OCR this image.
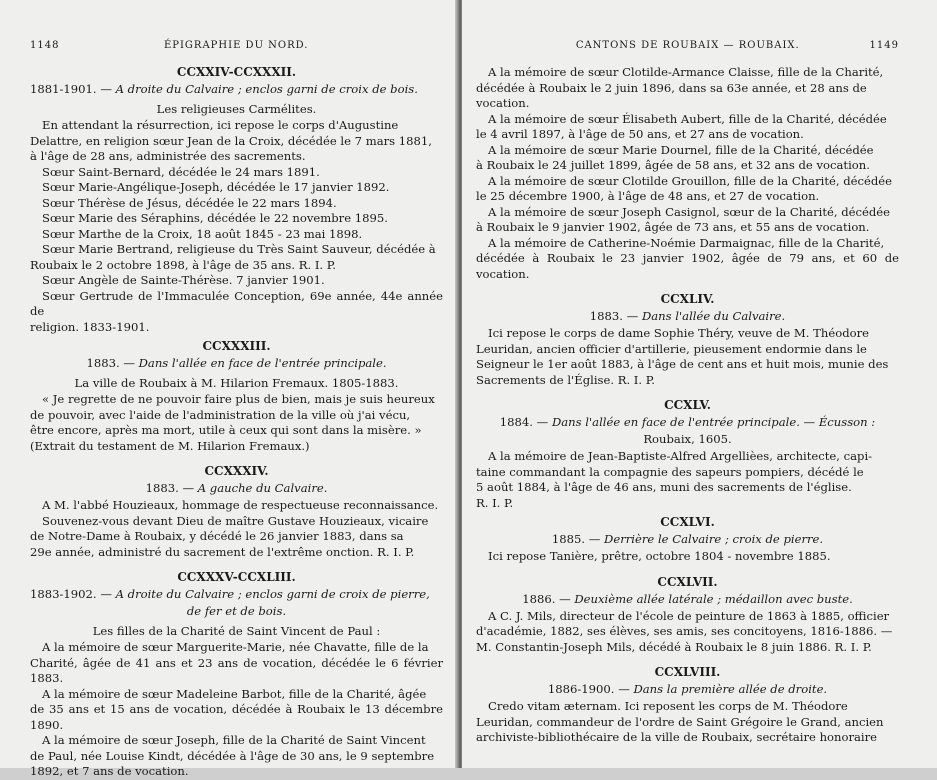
1148	ÉPIGRAPHIE DU NORD.
CCXXIV-CCXXXII.
1881-1901. — A droite du Calvaire ; enclos garni de croix de bois.
Les religieuses Carmélites.

En attendant la résurrection, ici repose le corps d'Augustine

Delattre, en religion sœur Jean de la Croix, décédée le 7 mars 1881,

à l'âge de 28 ans, administrée des sacrements.

Sœur Saint-Bernard, décédée le 24 mars 1891.

Sœur Marie-Angélique-Joseph, décédée le 17 janvier 1892.

Sœur Thérèse de Jésus, décédée le 22 mars 1894.

Sœur Marie des Séraphins, décédée le 22 novembre 1895.

Sœur Marthe de la Croix, 18 août 1845 - 23 mai 1898.

Sœur Marie Bertrand, religieuse du Très Saint Sauveur, décédée à

Roubaix le 2 octobre 1898, à l'âge de 35 ans. R. I. P.

Sœur Angèle de Sainte-Thérèse. 7 janvier 1901.

Sœur Gertrude de l'Immaculée Conception, 69e année, 44e année de

religion. 1833-1901.

CCXXXIII.
1883. — Dans l'allée en face de l'entrée principale.
La ville de Roubaix à M. Hilarion Fremaux. 1805-1883.

« Je regrette de ne pouvoir faire plus de bien, mais je suis heureux

de pouvoir, avec l'aide de l'administration de la ville où j'ai vécu,

être encore, après ma mort, utile à ceux qui sont dans la misère. »

(Extrait du testament de M. Hilarion Fremaux.)

CCXXXIV.
1883. — A gauche du Calvaire.

A M. l'abbé Houzieaux, hommage de respectueuse reconnaissance.

Souvenez-vous devant Dieu de maître Gustave Houzieaux, vicaire

de Notre-Dame à Roubaix, y décédé le 26 janvier 1883, dans sa

29e année, administré du sacrement de l'extrême onction. R. I. P.

CCXXXV-CCXLIII.
1883-1902. — A droite du Calvaire ; enclos garni de croix de pierre,
de fer et de bois.
Les filles de la Charité de Saint Vincent de Paul :

A la mémoire de sœur Marguerite-Marie, née Chavatte, fille de la

Charité, âgée de 41 ans et 23 ans de vocation, décédée le 6 février 1883.

A la mémoire de sœur Madeleine Barbot, fille de la Charité, âgée

de 35 ans et 15 ans de vocation, décédée à Roubaix le 13 décembre 1890.

A la mémoire de sœur Joseph, fille de la Charité de Saint Vincent

de Paul, née Louise Kindt, décédée à l'âge de 30 ans, le 9 septembre

1892, et 7 ans de vocation.

CANTONS DE ROUBAIX — ROUBAIX.	1149

A la mémoire de sœur Clotilde-Armance Claisse, fille de la Charité,

décédée à Roubaix le 2 juin 1896, dans sa 63e année, et 28 ans de

vocation.

A la mémoire de sœur Élisabeth Aubert, fille de la Charité, décédée

le 4 avril 1897, à l'âge de 50 ans, et 27 ans de vocation.

A la mémoire de sœur Marie Dournel, fille de la Charité, décédée

à Roubaix le 24 juillet 1899, âgée de 58 ans, et 32 ans de vocation.

A la mémoire de sœur Clotilde Grouillon, fille de la Charité, décédée

le 25 décembre 1900, à l'âge de 48 ans, et 27 de vocation.

A la mémoire de sœur Joseph Casignol, sœur de la Charité, décédée

à Roubaix le 9 janvier 1902, âgée de 73 ans, et 55 ans de vocation.

A la mémoire de Catherine-Noémie Darmaignac, fille de la Charité,

décédée à Roubaix le 23 janvier 1902, âgée de 79 ans, et 60 de vocation.

CCXLIV.
1883. — Dans l'allée du Calvaire.

Ici repose le corps de dame Sophie Théry, veuve de M. Théodore

Leuridan, ancien officier d'artillerie, pieusement endormie dans le

Seigneur le 1er août 1883, à l'âge de cent ans et huit mois, munie des

Sacrements de l'Église. R. I. P.

CCXLV.
1884. — Dans l'allée en face de l'entrée principale. — Écusson :
Roubaix, 1605.

A la mémoire de Jean-Baptiste-Alfred Argellièes, architecte, capi-

taine commandant la compagnie des sapeurs pompiers, décédé le

5 août 1884, à l'âge de 46 ans, muni des sacrements de l'église.

R. I. P.

CCXLVI.
1885. — Derrière le Calvaire ; croix de pierre.

Ici repose Tanière, prêtre, octobre 1804 - novembre 1885.

CCXLVII.
1886. — Deuxième allée latérale ; médaillon avec buste.

A C. J. Mils, directeur de l'école de peinture de 1863 à 1885, officier

d'académie, 1882, ses élèves, ses amis, ses concitoyens, 1816-1886. —

M. Constantin-Joseph Mils, décédé à Roubaix le 8 juin 1886. R. I. P.

CCXLVIII.
1886-1900. — Dans la première allée de droite.

Credo vitam æternam. Ici reposent les corps de M. Théodore

Leuridan, commandeur de l'ordre de Saint Grégoire le Grand, ancien

archiviste-bibliothécaire de la ville de Roubaix, secrétaire honoraire
